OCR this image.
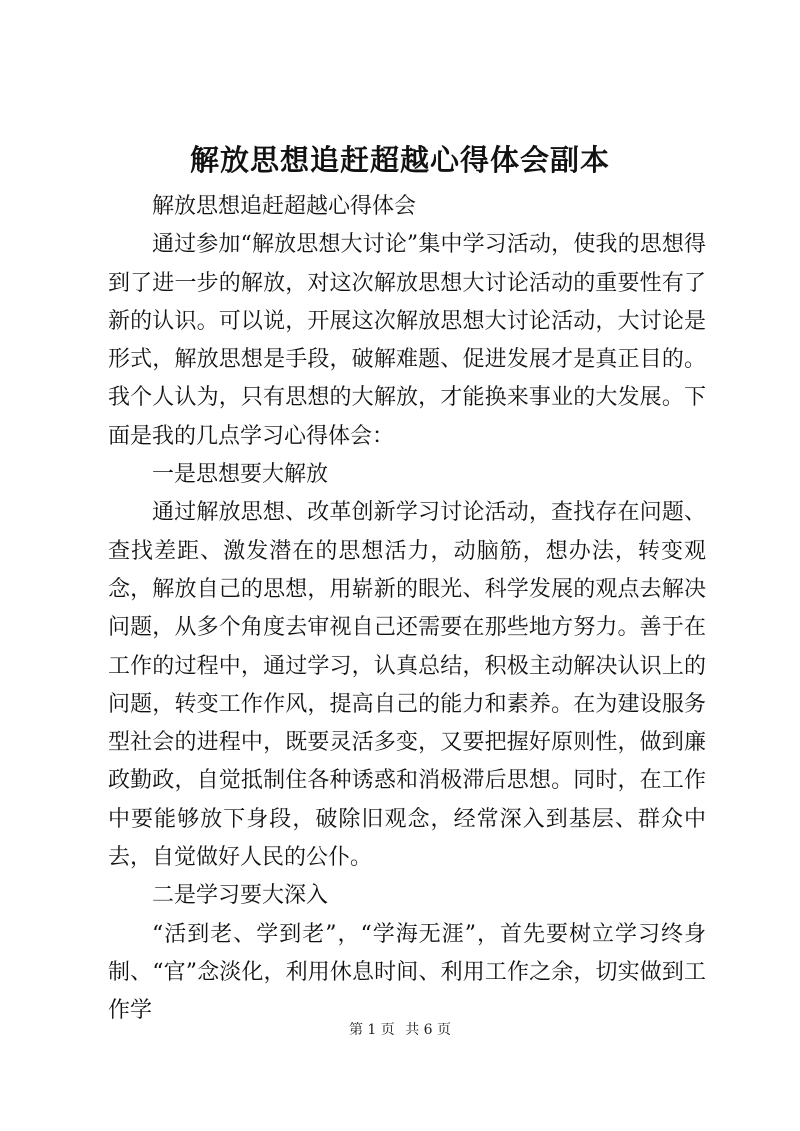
解放思想追赶超越心得体会副本

解放思想追赶超越心得体会

通过参加“解放思想大讨论”集中学习活动，使我的思想得到了进一步的解放，对这次解放思想大讨论活动的重要性有了新的认识。可以说，开展这次解放思想大讨论活动，大讨论是形式，解放思想是手段，破解难题、促进发展才是真正目的。我个人认为，只有思想的大解放，才能换来事业的大发展。下面是我的几点学习心得体会：

一是思想要大解放

通过解放思想、改革创新学习讨论活动，查找存在问题、查找差距、激发潜在的思想活力，动脑筋，想办法，转变观念，解放自己的思想，用崭新的眼光、科学发展的观点去解决问题，从多个角度去审视自己还需要在那些地方努力。善于在工作的过程中，通过学习，认真总结，积极主动解决认识上的问题，转变工作作风，提高自己的能力和素养。在为建设服务型社会的进程中，既要灵活多变，又要把握好原则性，做到廉政勤政，自觉抵制住各种诱惑和消极滞后思想。同时，在工作中要能够放下身段，破除旧观念，经常深入到基层、群众中去，自觉做好人民的公仆。

二是学习要大深入

“活到老、学到老”，“学海无涯”，首先要树立学习终身制、“官”念淡化，利用休息时间、利用工作之余，切实做到工作学

第 1 页 共 6 页
